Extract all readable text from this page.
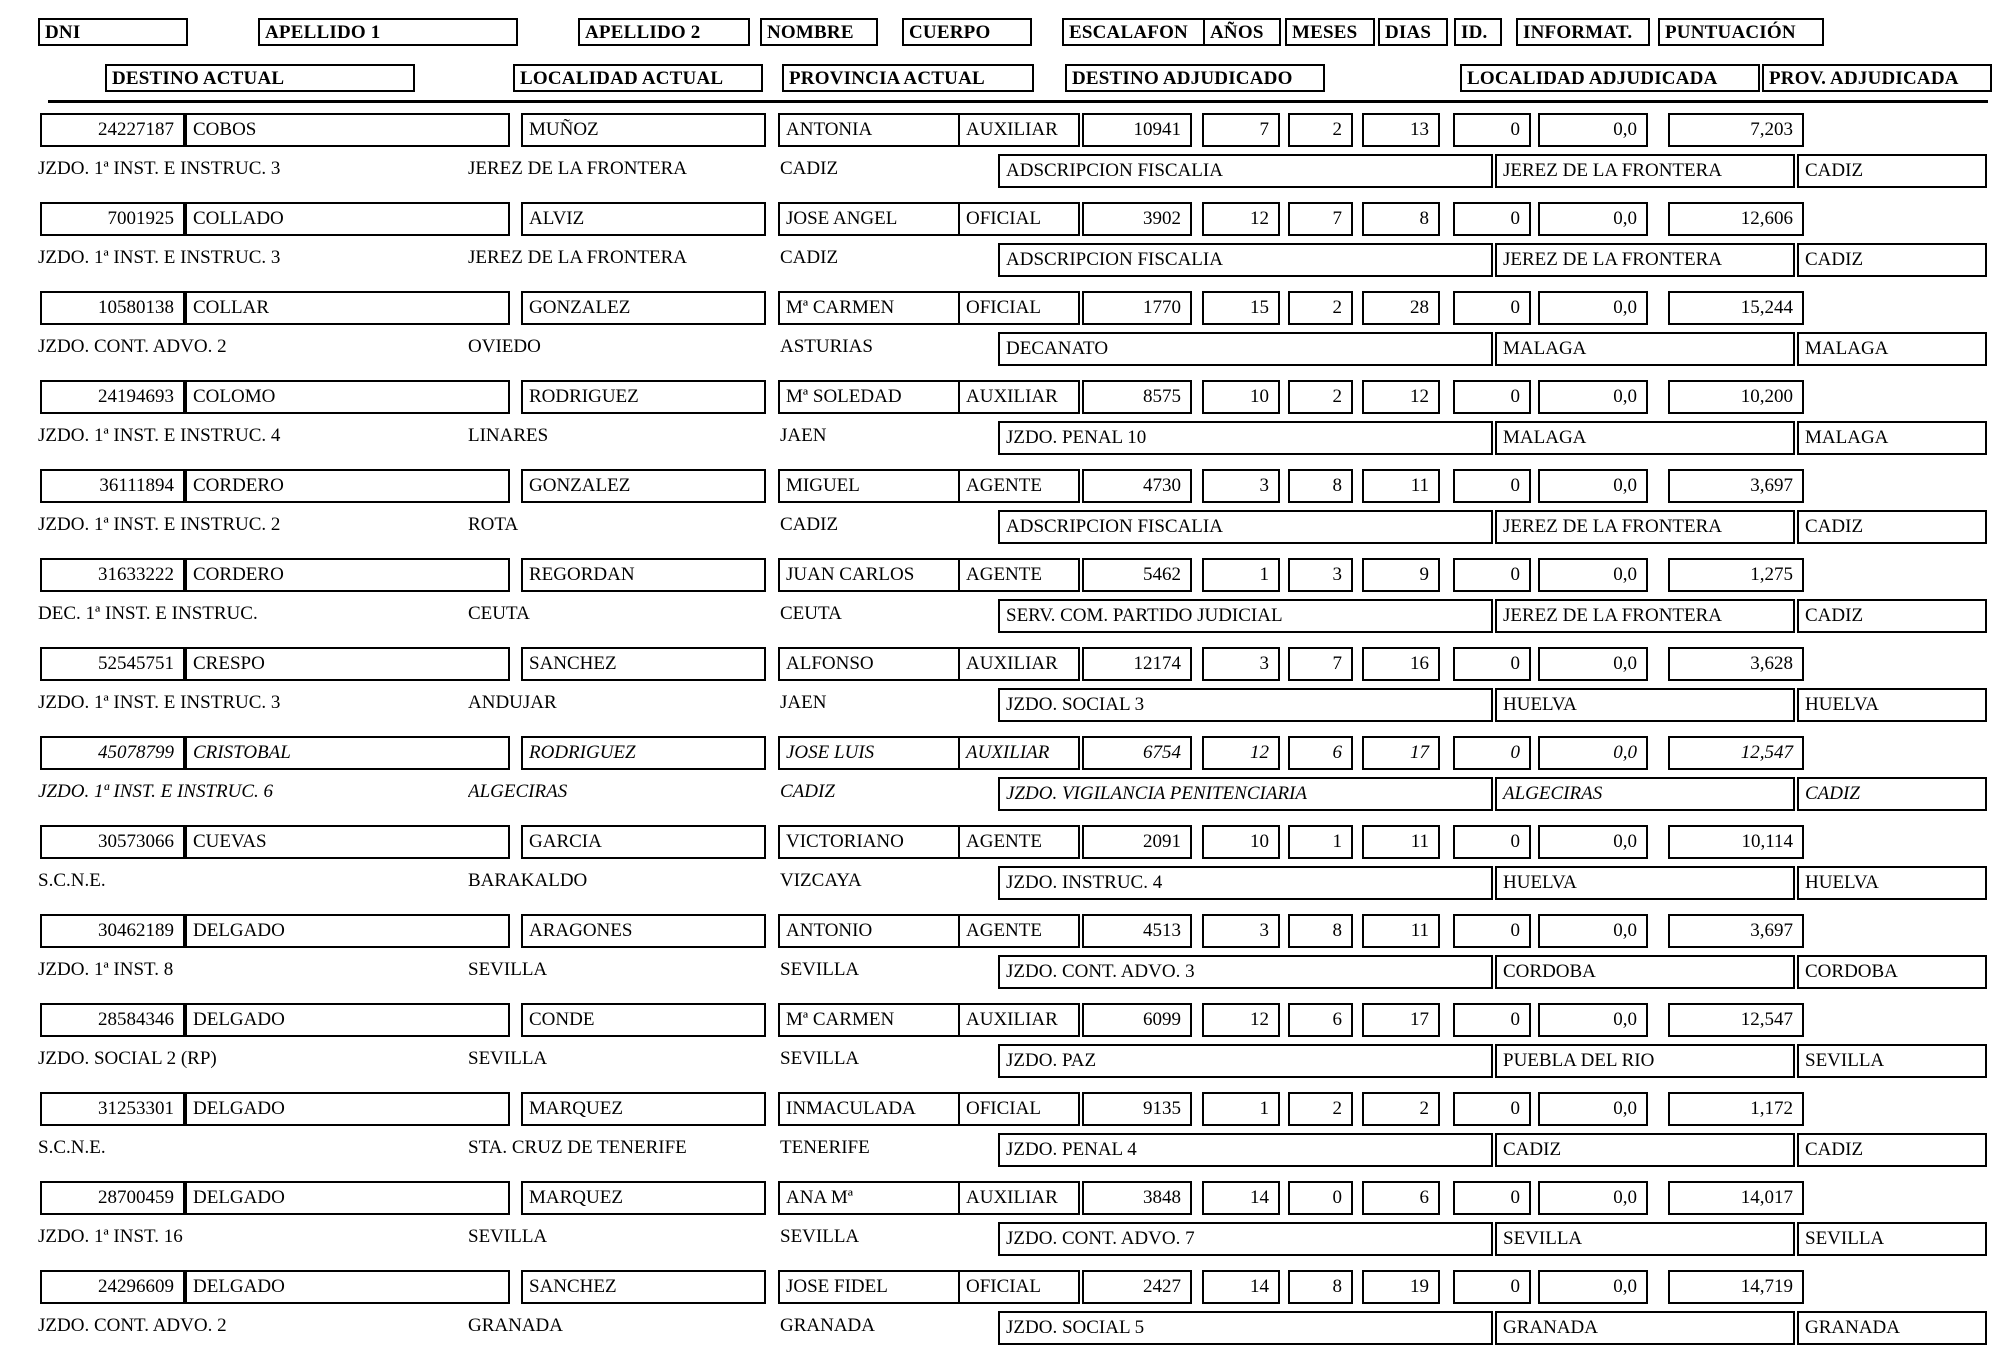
DNI	APELLIDO 1	APELLIDO 2	NOMBRE	CUERPO	ESCALAFON	AÑOS	MESES	DIAS	ID.	INFORMAT.	PUNTUACIÓN
DESTINO ACTUAL	LOCALIDAD ACTUAL	PROVINCIA ACTUAL	DESTINO ADJUDICADO	LOCALIDAD ADJUDICADA	PROV. ADJUDICADA
24227187	COBOS	MUÑOZ	ANTONIA	AUXILIAR	10941	7	2	13	0	0,0	7,203
JZDO. 1ª INST. E INSTRUC. 3	JEREZ DE LA FRONTERA	CADIZ	ADSCRIPCION FISCALIA	JEREZ DE LA FRONTERA	CADIZ
7001925	COLLADO	ALVIZ	JOSE ANGEL	OFICIAL	3902	12	7	8	0	0,0	12,606
JZDO. 1ª INST. E INSTRUC. 3	JEREZ DE LA FRONTERA	CADIZ	ADSCRIPCION FISCALIA	JEREZ DE LA FRONTERA	CADIZ
10580138	COLLAR	GONZALEZ	Mª CARMEN	OFICIAL	1770	15	2	28	0	0,0	15,244
JZDO. CONT. ADVO. 2	OVIEDO	ASTURIAS	DECANATO	MALAGA	MALAGA
24194693	COLOMO	RODRIGUEZ	Mª SOLEDAD	AUXILIAR	8575	10	2	12	0	0,0	10,200
JZDO. 1ª INST. E INSTRUC. 4	LINARES	JAEN	JZDO. PENAL 10	MALAGA	MALAGA
36111894	CORDERO	GONZALEZ	MIGUEL	AGENTE	4730	3	8	11	0	0,0	3,697
JZDO. 1ª INST. E INSTRUC. 2	ROTA	CADIZ	ADSCRIPCION FISCALIA	JEREZ DE LA FRONTERA	CADIZ
31633222	CORDERO	REGORDAN	JUAN CARLOS	AGENTE	5462	1	3	9	0	0,0	1,275
DEC. 1ª INST. E INSTRUC.	CEUTA	CEUTA	SERV. COM. PARTIDO JUDICIAL	JEREZ DE LA FRONTERA	CADIZ
52545751	CRESPO	SANCHEZ	ALFONSO	AUXILIAR	12174	3	7	16	0	0,0	3,628
JZDO. 1ª INST. E INSTRUC. 3	ANDUJAR	JAEN	JZDO. SOCIAL 3	HUELVA	HUELVA
45078799	CRISTOBAL	RODRIGUEZ	JOSE LUIS	AUXILIAR	6754	12	6	17	0	0,0	12,547
JZDO. 1ª INST. E INSTRUC. 6	ALGECIRAS	CADIZ	JZDO. VIGILANCIA PENITENCIARIA	ALGECIRAS	CADIZ
30573066	CUEVAS	GARCIA	VICTORIANO	AGENTE	2091	10	1	11	0	0,0	10,114
S.C.N.E.	BARAKALDO	VIZCAYA	JZDO. INSTRUC. 4	HUELVA	HUELVA
30462189	DELGADO	ARAGONES	ANTONIO	AGENTE	4513	3	8	11	0	0,0	3,697
JZDO. 1ª INST. 8	SEVILLA	SEVILLA	JZDO. CONT. ADVO. 3	CORDOBA	CORDOBA
28584346	DELGADO	CONDE	Mª CARMEN	AUXILIAR	6099	12	6	17	0	0,0	12,547
JZDO. SOCIAL 2 (RP)	SEVILLA	SEVILLA	JZDO. PAZ	PUEBLA DEL RIO	SEVILLA
31253301	DELGADO	MARQUEZ	INMACULADA	OFICIAL	9135	1	2	2	0	0,0	1,172
S.C.N.E.	STA. CRUZ DE TENERIFE	TENERIFE	JZDO. PENAL 4	CADIZ	CADIZ
28700459	DELGADO	MARQUEZ	ANA Mª	AUXILIAR	3848	14	0	6	0	0,0	14,017
JZDO. 1ª INST. 16	SEVILLA	SEVILLA	JZDO. CONT. ADVO. 7	SEVILLA	SEVILLA
24296609	DELGADO	SANCHEZ	JOSE FIDEL	OFICIAL	2427	14	8	19	0	0,0	14,719
JZDO. CONT. ADVO. 2	GRANADA	GRANADA	JZDO. SOCIAL 5	GRANADA	GRANADA
